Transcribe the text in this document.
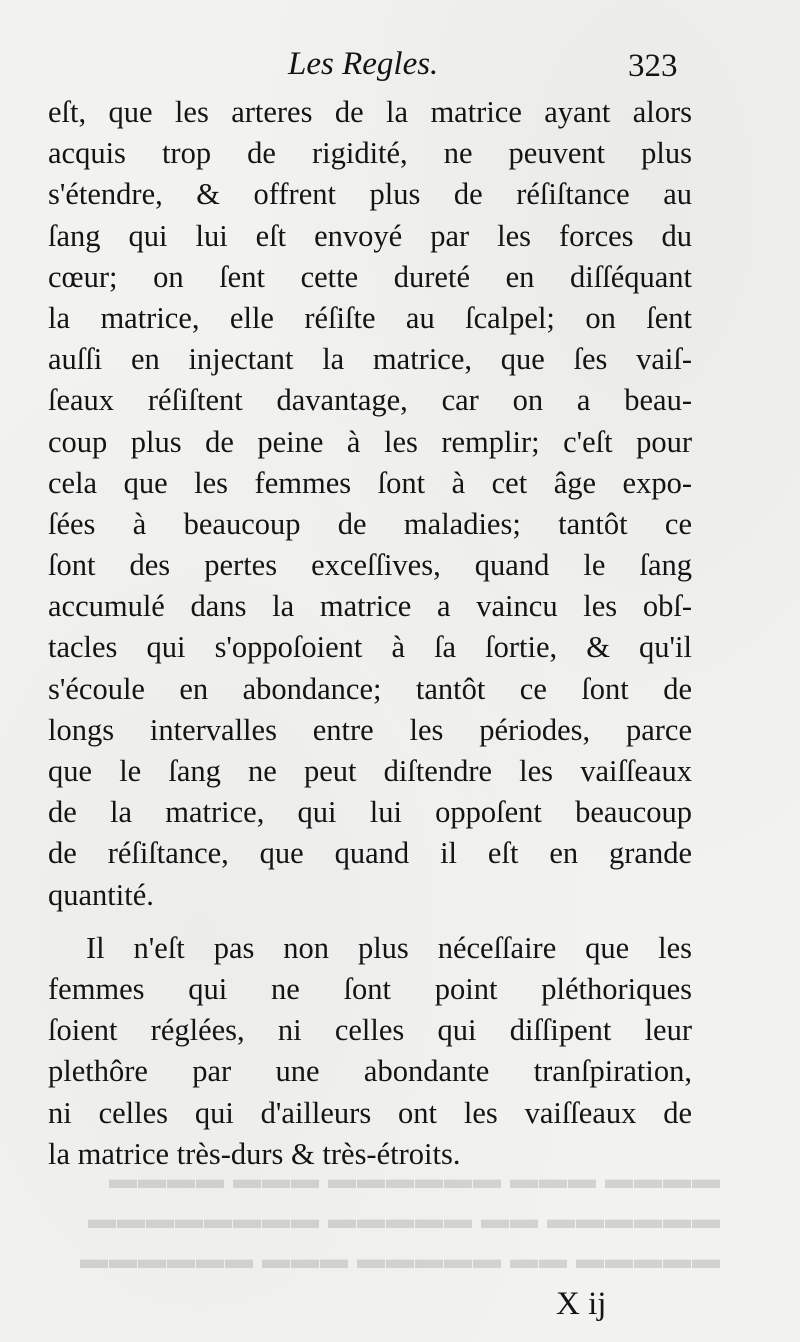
▬▬▬▬ ▬▬▬ ▬▬▬▬▬▬ ▬▬▬ ▬▬▬▬
▬▬▬▬▬▬ ▬▬ ▬▬▬▬▬ ▬▬▬▬▬▬▬▬
▬▬▬▬▬ ▬▬ ▬▬▬▬▬ ▬▬▬ ▬▬▬▬▬▬
Les Regles.	323
eſt, que les arteres de la matrice ayant alors
acquis trop de rigidité, ne peuvent plus
s'étendre, & offrent plus de réſiſtance au
ſang qui lui eſt envoyé par les forces du
cœur; on ſent cette dureté en diſſéquant
la matrice, elle réſiſte au ſcalpel; on ſent
auſſi en injectant la matrice, que ſes vaiſ-
ſeaux réſiſtent davantage, car on a beau-
coup plus de peine à les remplir; c'eſt pour
cela que les femmes ſont à cet âge expo-
ſées à beaucoup de maladies; tantôt ce
ſont des pertes exceſſives, quand le ſang
accumulé dans la matrice a vaincu les obſ-
tacles qui s'oppoſoient à ſa ſortie, & qu'il
s'écoule en abondance; tantôt ce ſont de
longs intervalles entre les périodes, parce
que le ſang ne peut diſtendre les vaiſſeaux
de la matrice, qui lui oppoſent beaucoup
de réſiſtance, que quand il eſt en grande
quantité.
Il n'eſt pas non plus néceſſaire que les
femmes qui ne ſont point pléthoriques
ſoient réglées, ni celles qui diſſipent leur
plethôre par une abondante tranſpiration,
ni celles qui d'ailleurs ont les vaiſſeaux de
la matrice très-durs & très-étroits.
X ij
